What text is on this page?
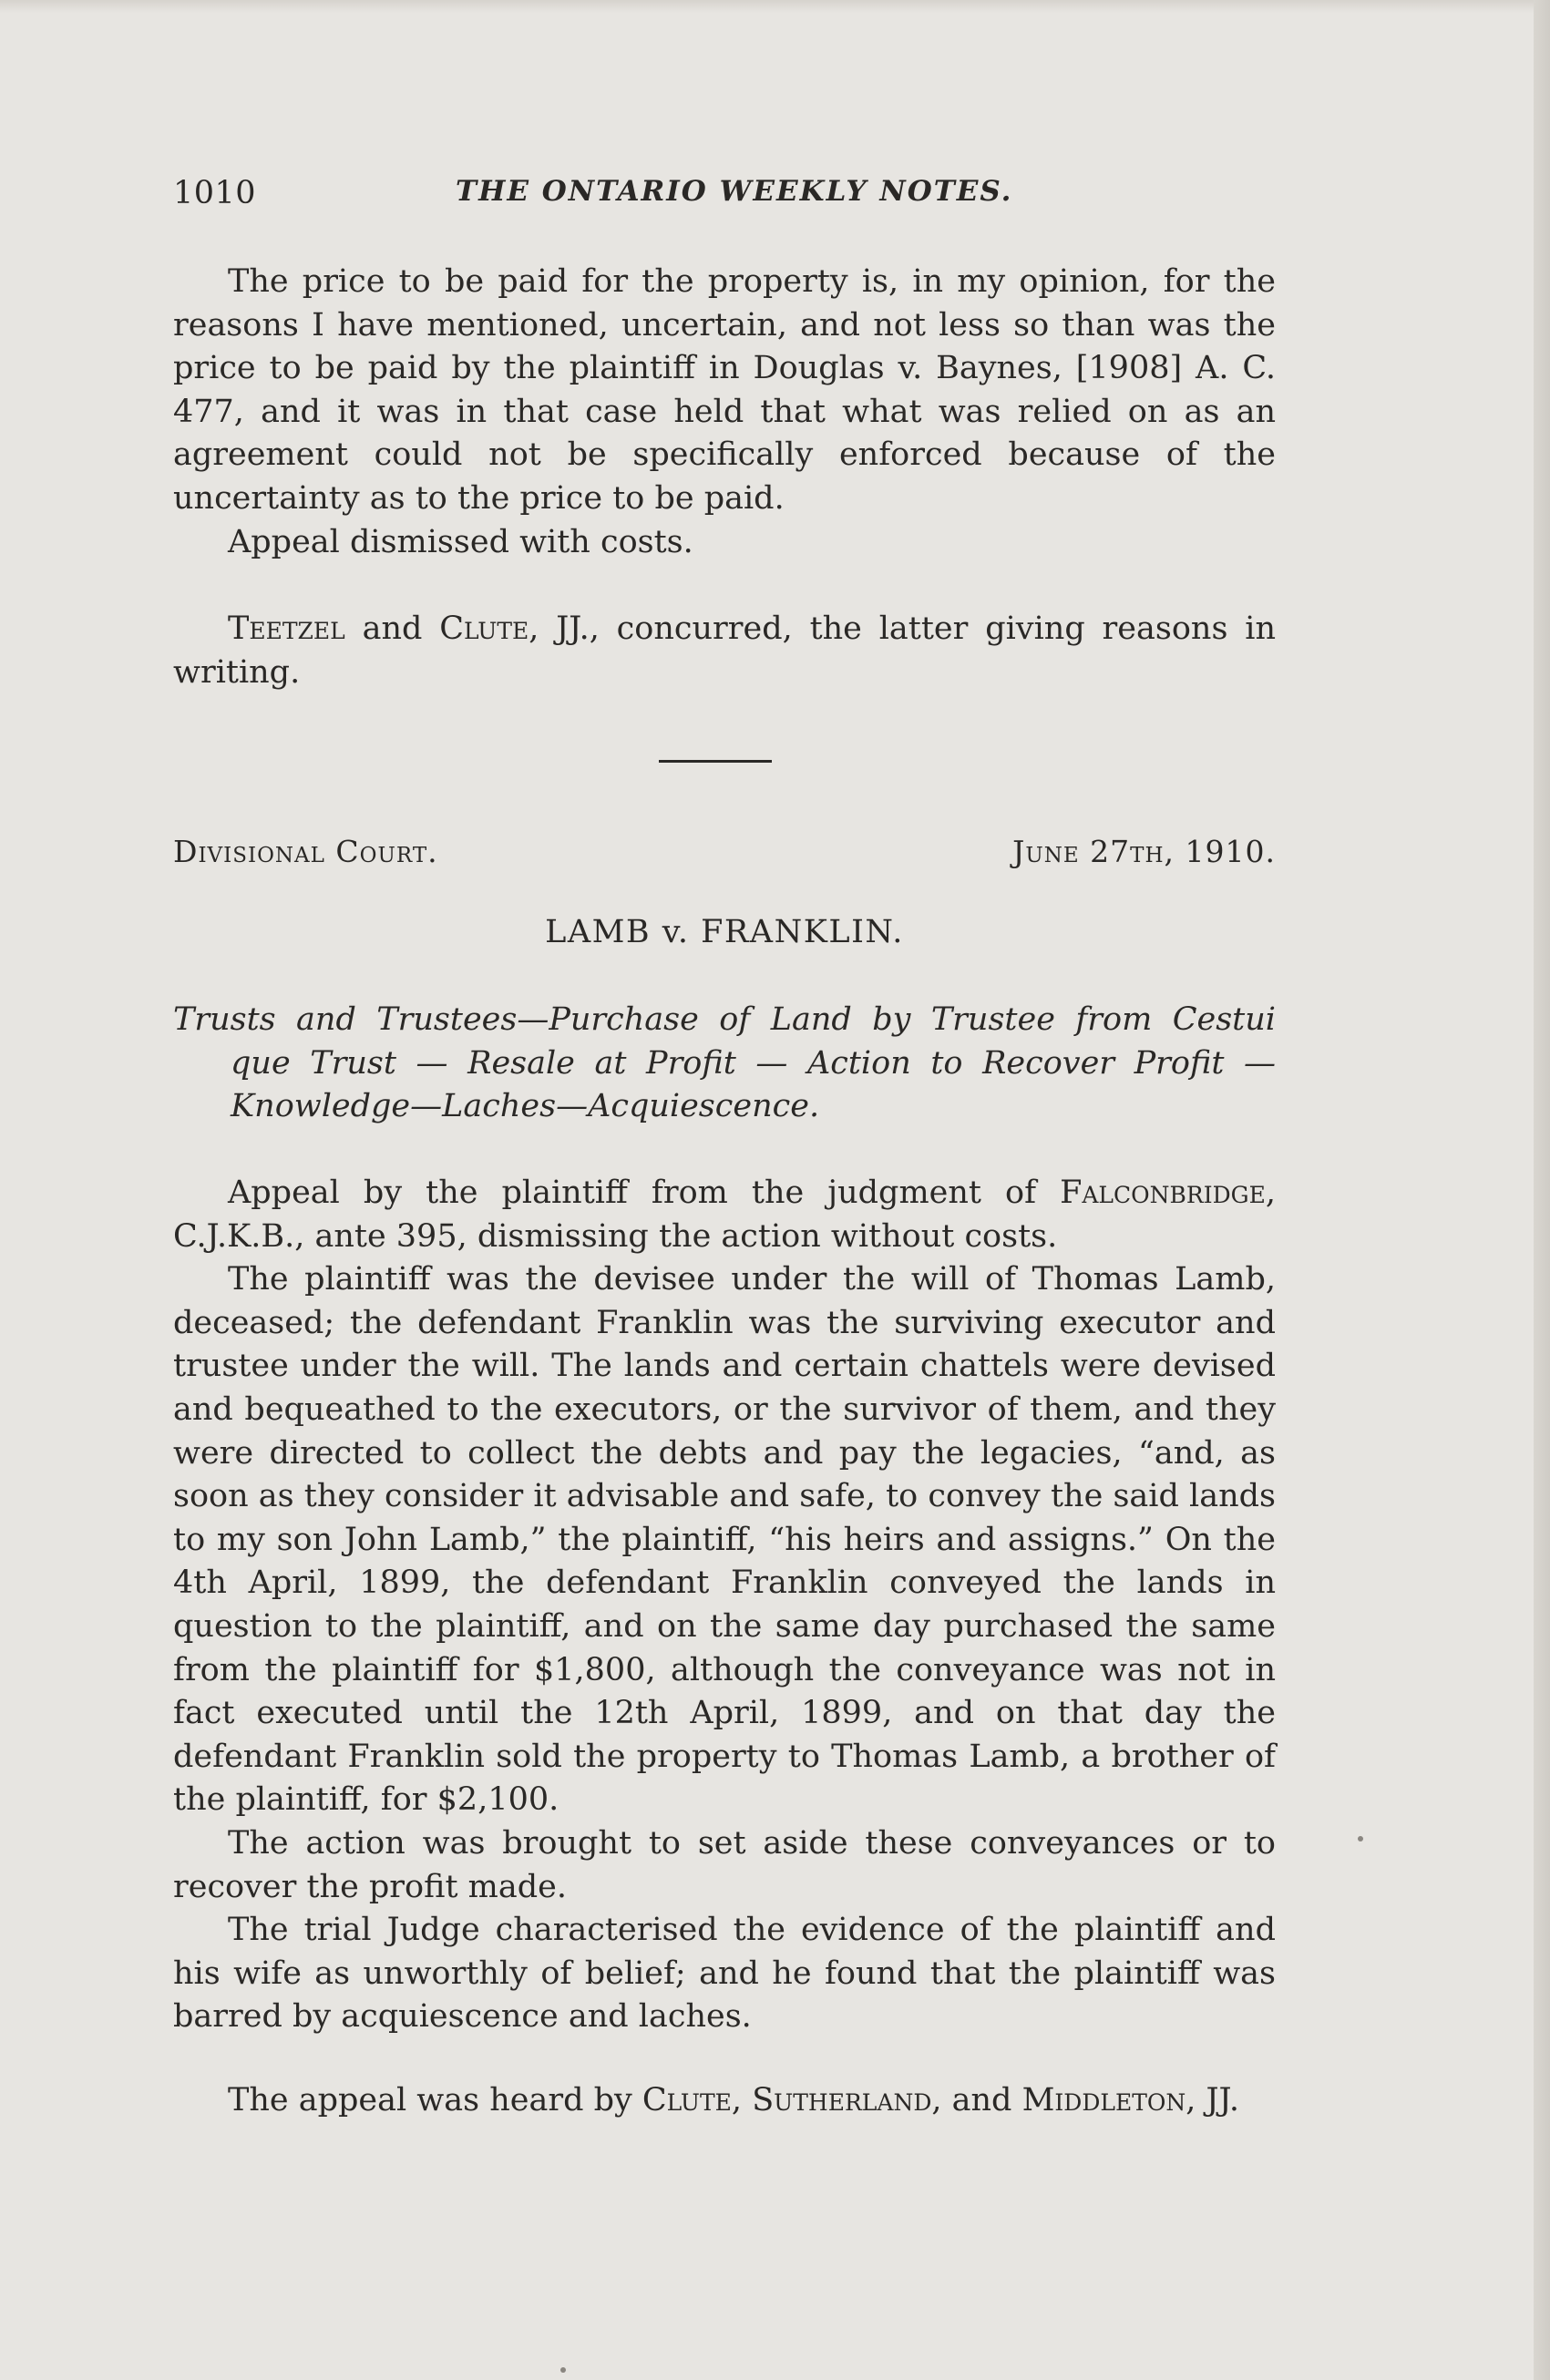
1010	THE ONTARIO WEEKLY NOTES.

The price to be paid for the property is, in my opinion, for the reasons I have mentioned, uncertain, and not less so than was the price to be paid by the plaintiff in Douglas v. Baynes, [1908] A. C. 477, and it was in that case held that what was relied on as an agreement could not be specifically enforced because of the uncertainty as to the price to be paid.

Appeal dismissed with costs.

Teetzel and Clute, JJ., concurred, the latter giving reasons in writing.

Divisional Court.	June 27th, 1910.
LAMB v. FRANKLIN.
Trusts and Trustees—Purchase of Land by Trustee from Cestui
que Trust — Resale at Profit — Action to Recover Profit —
Knowledge—Laches—Acquiescence.

Appeal by the plaintiff from the judgment of Falconbridge, C.J.K.B., ante 395, dismissing the action without costs.

The plaintiff was the devisee under the will of Thomas Lamb, deceased; the defendant Franklin was the surviving executor and trustee under the will. The lands and certain chattels were devised and bequeathed to the executors, or the survivor of them, and they were directed to collect the debts and pay the legacies, “and, as soon as they consider it advisable and safe, to convey the said lands to my son John Lamb,” the plaintiff, “his heirs and assigns.” On the 4th April, 1899, the defendant Franklin conveyed the lands in question to the plaintiff, and on the same day purchased the same from the plaintiff for $1,800, although the conveyance was not in fact executed until the 12th April, 1899, and on that day the defendant Franklin sold the property to Thomas Lamb, a brother of the plaintiff, for $2,100.

The action was brought to set aside these conveyances or to recover the profit made.

The trial Judge characterised the evidence of the plaintiff and his wife as unworthly of belief; and he found that the plaintiff was barred by acquiescence and laches.

The appeal was heard by Clute, Sutherland, and Middleton, JJ.
